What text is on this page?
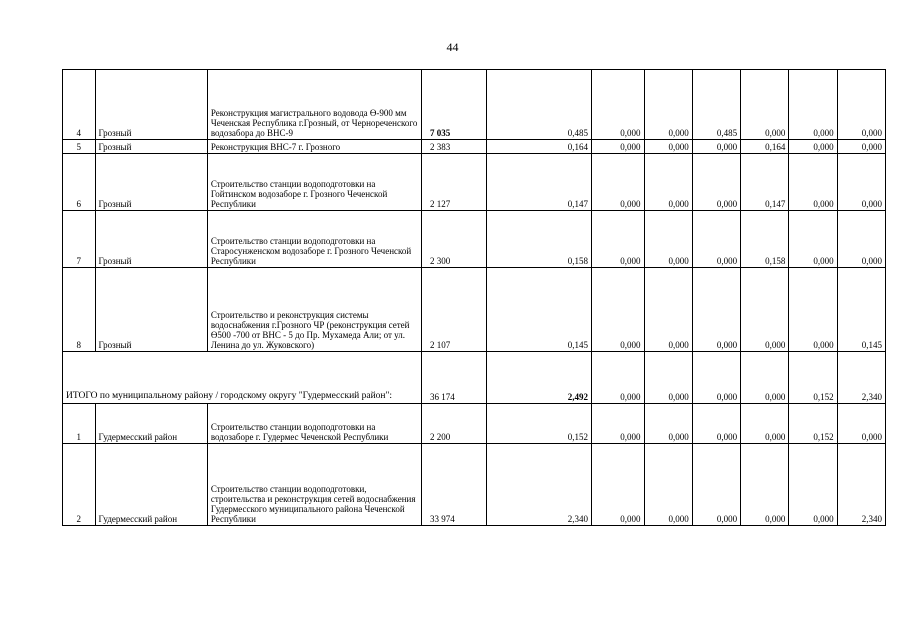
44
4	Грозный	Реконструкция магистрального водовода Ө-900 мм Чеченская Республика г.Грозный, от Чернореченского водозабора до ВНС-9	7 035	0,485	0,000	0,000	0,485	0,000	0,000	0,000
5	Грозный	Реконструкция ВНС-7 г. Грозного	2 383	0,164	0,000	0,000	0,000	0,164	0,000	0,000
6	Грозный	Строительство станции водоподготовки на Гойтинском водозаборе г. Грозного Чеченской Республики	2 127	0,147	0,000	0,000	0,000	0,147	0,000	0,000
7	Грозный	Строительство станции водоподготовки на Старосунженском водозаборе г. Грозного Чеченской Республики	2 300	0,158	0,000	0,000	0,000	0,158	0,000	0,000
8	Грозный	Строительство и реконструкция системы водоснабжения г.Грозного ЧР (реконструкция сетей Ө500 -700 от ВНС - 5 до Пр. Мухамеда Али; от ул. Ленина до ул. Жуковского)	2 107	0,145	0,000	0,000	0,000	0,000	0,000	0,145
ИТОГО по муниципальному району / городскому округу "Гудермесский район":			36 174	2,492	0,000	0,000	0,000	0,000	0,152	2,340
1	Гудермесский район	Строительство станции водоподготовки на водозаборе г. Гудермес Чеченской Республики	2 200	0,152	0,000	0,000	0,000	0,000	0,152	0,000
2	Гудермесский район	Строительство станции водоподготовки, строительства и реконструкция сетей водоснабжения Гудермесского муниципального района Чеченской Республики	33 974	2,340	0,000	0,000	0,000	0,000	0,000	2,340
